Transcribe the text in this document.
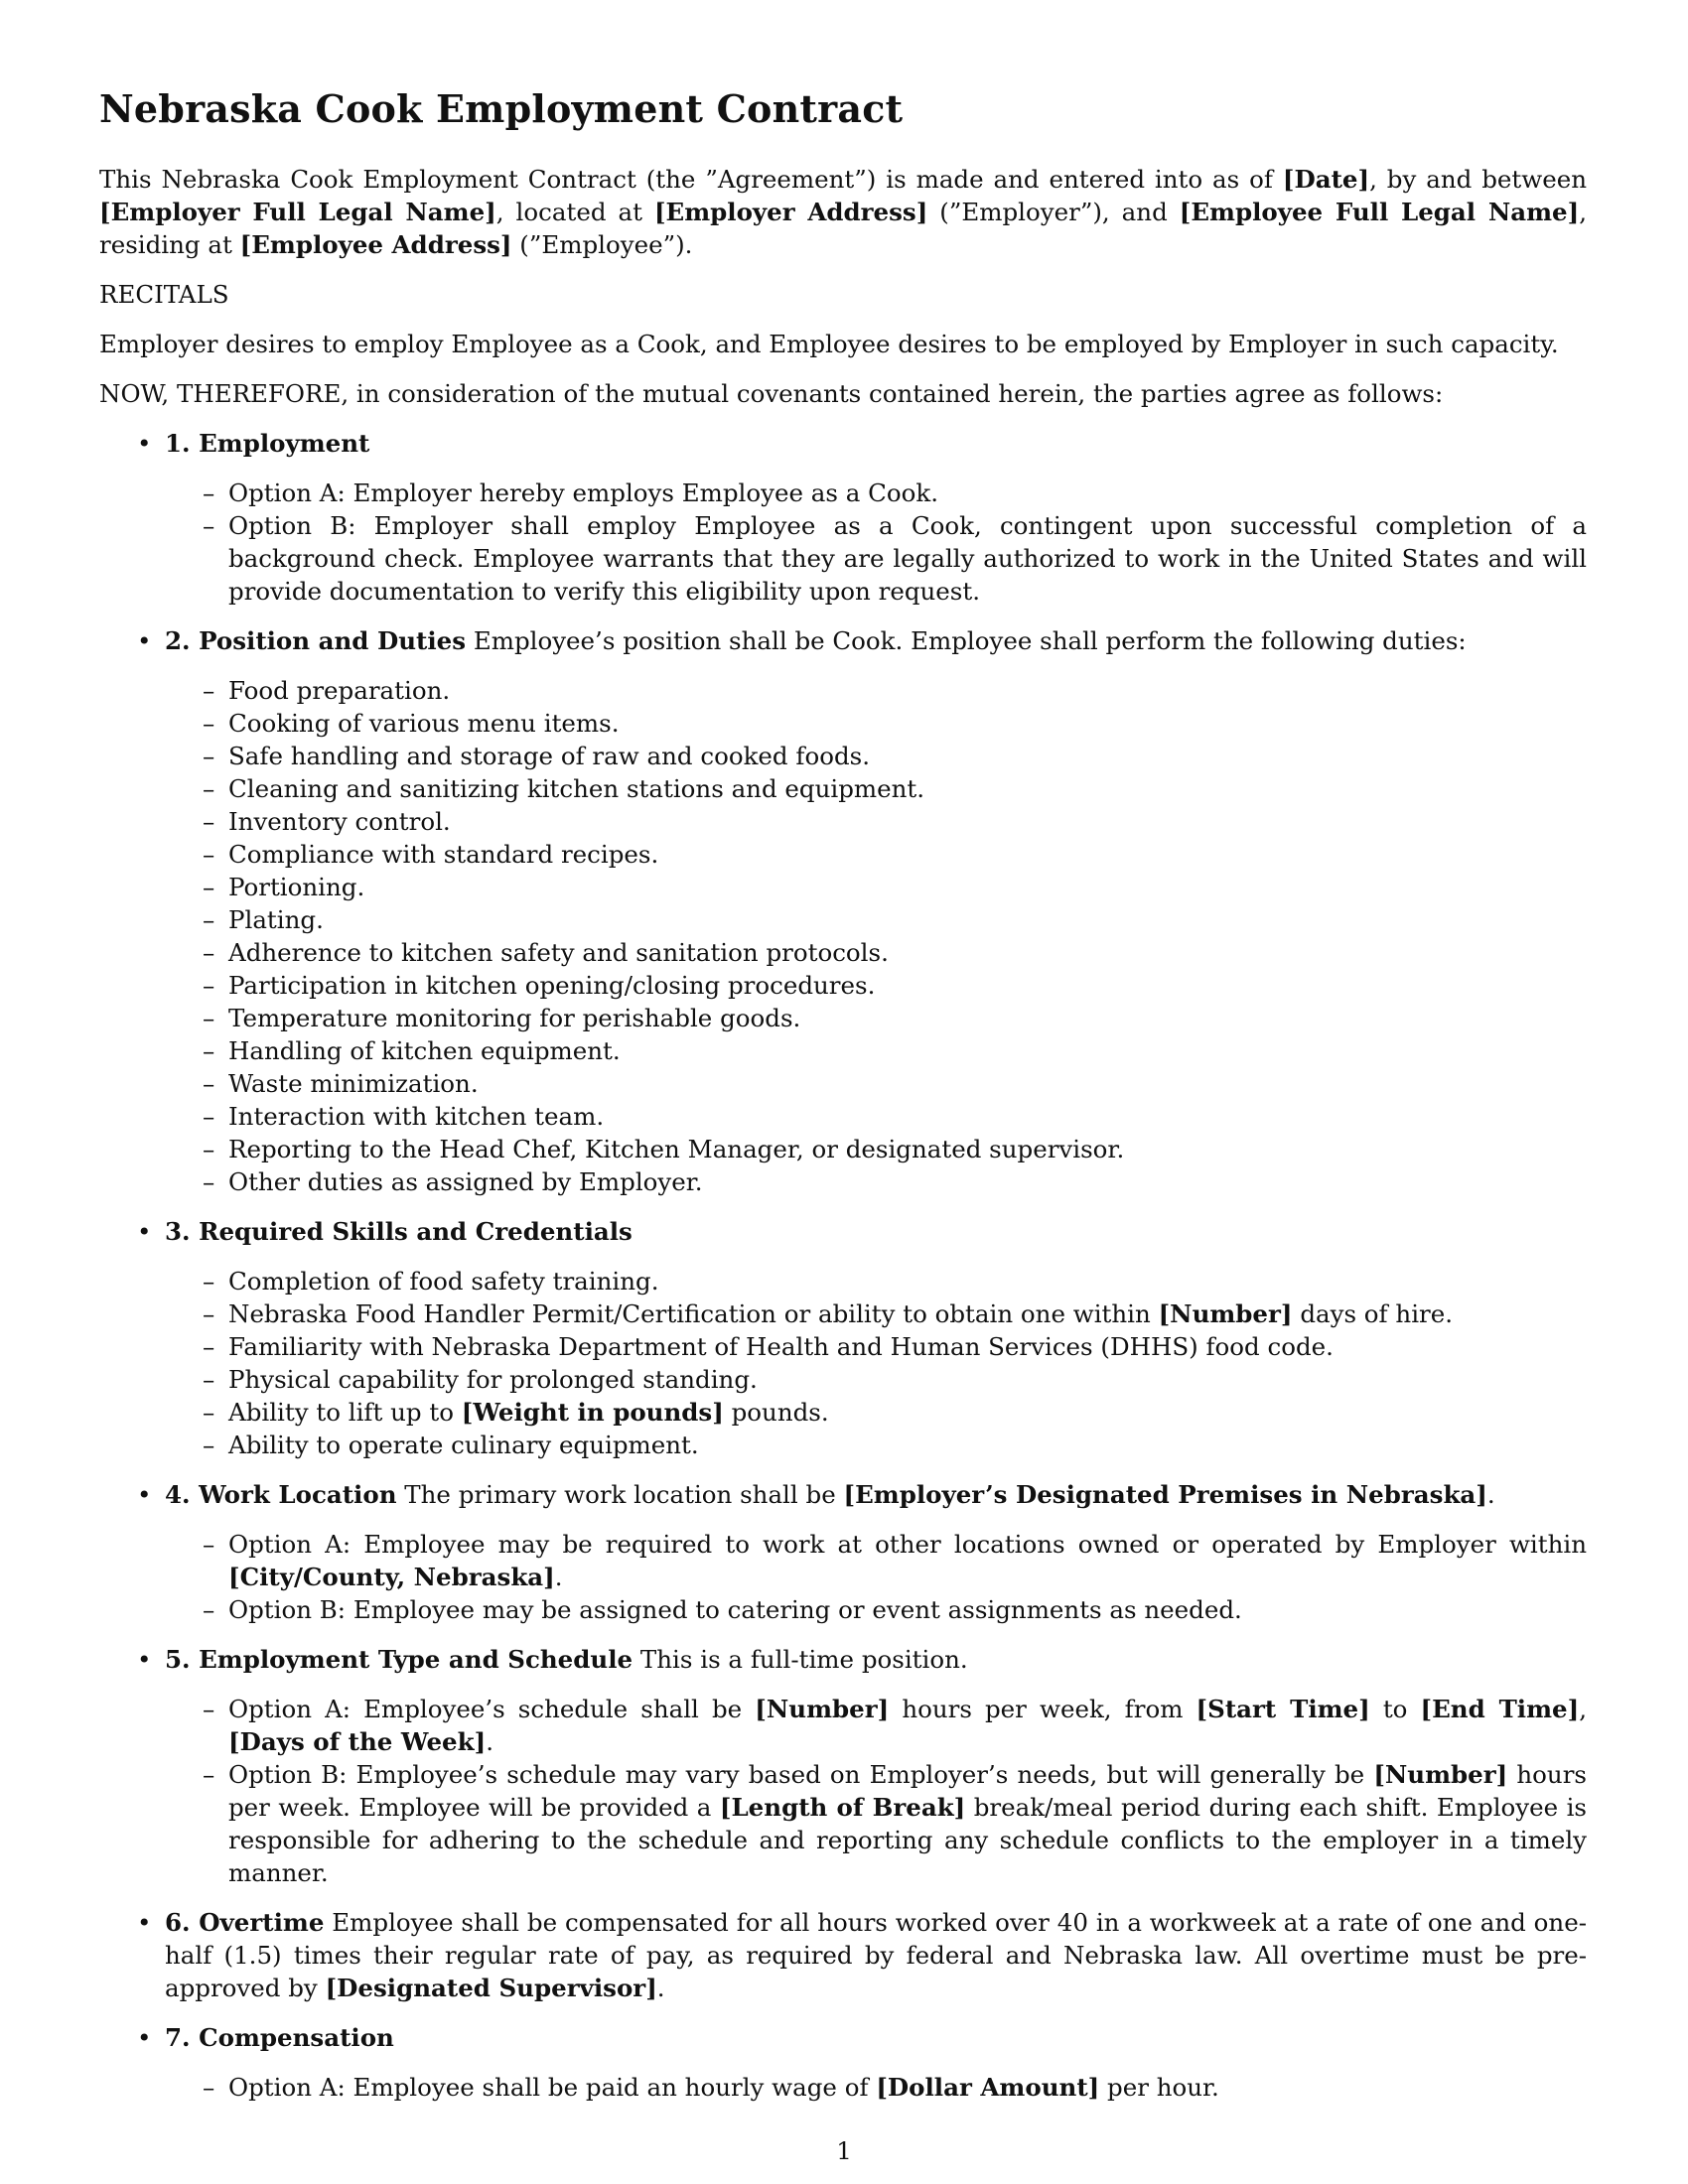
Nebraska Cook Employment Contract

This Nebraska Cook Employment Contract (the ”Agreement”) is made and entered into as of [Date], by and between [Employer Full Legal Name], located at [Employer Address] (”Employer”), and [Employee Full Legal Name], residing at [Employee Address] (”Employee”).

RECITALS

Employer desires to employ Employee as a Cook, and Employee desires to be employed by Employer in such capacity.

NOW, THEREFORE, in consideration of the mutual covenants contained herein, the parties agree as follows:

• 1. Employment
– Option A: Employer hereby employs Employee as a Cook.
– Option B: Employer shall employ Employee as a Cook, contingent upon successful completion of a background check. Employee warrants that they are legally authorized to work in the United States and will provide documentation to verify this eligibility upon request.
• 2. Position and Duties Employee’s position shall be Cook. Employee shall perform the following duties:
– Food preparation.
– Cooking of various menu items.
– Safe handling and storage of raw and cooked foods.
– Cleaning and sanitizing kitchen stations and equipment.
– Inventory control.
– Compliance with standard recipes.
– Portioning.
– Plating.
– Adherence to kitchen safety and sanitation protocols.
– Participation in kitchen opening/closing procedures.
– Temperature monitoring for perishable goods.
– Handling of kitchen equipment.
– Waste minimization.
– Interaction with kitchen team.
– Reporting to the Head Chef, Kitchen Manager, or designated supervisor.
– Other duties as assigned by Employer.
• 3. Required Skills and Credentials
– Completion of food safety training.
– Nebraska Food Handler Permit/Certification or ability to obtain one within [Number] days of hire.
– Familiarity with Nebraska Department of Health and Human Services (DHHS) food code.
– Physical capability for prolonged standing.
– Ability to lift up to [Weight in pounds] pounds.
– Ability to operate culinary equipment.
• 4. Work Location The primary work location shall be [Employer’s Designated Premises in Nebraska].
– Option A: Employee may be required to work at other locations owned or operated by Employer within [City/County, Nebraska].
– Option B: Employee may be assigned to catering or event assignments as needed.
• 5. Employment Type and Schedule This is a full-time position.
– Option A: Employee’s schedule shall be [Number] hours per week, from [Start Time] to [End Time], [Days of the Week].
– Option B: Employee’s schedule may vary based on Employer’s needs, but will generally be [Number] hours per week. Employee will be provided a [Length of Break] break/meal period during each shift. Employee is responsible for adhering to the schedule and reporting any schedule conflicts to the employer in a timely manner.
• 6. Overtime Employee shall be compensated for all hours worked over 40 in a workweek at a rate of one and one-half (1.5) times their regular rate of pay, as required by federal and Nebraska law. All overtime must be pre-approved by [Designated Supervisor].
• 7. Compensation
– Option A: Employee shall be paid an hourly wage of [Dollar Amount] per hour.
1
